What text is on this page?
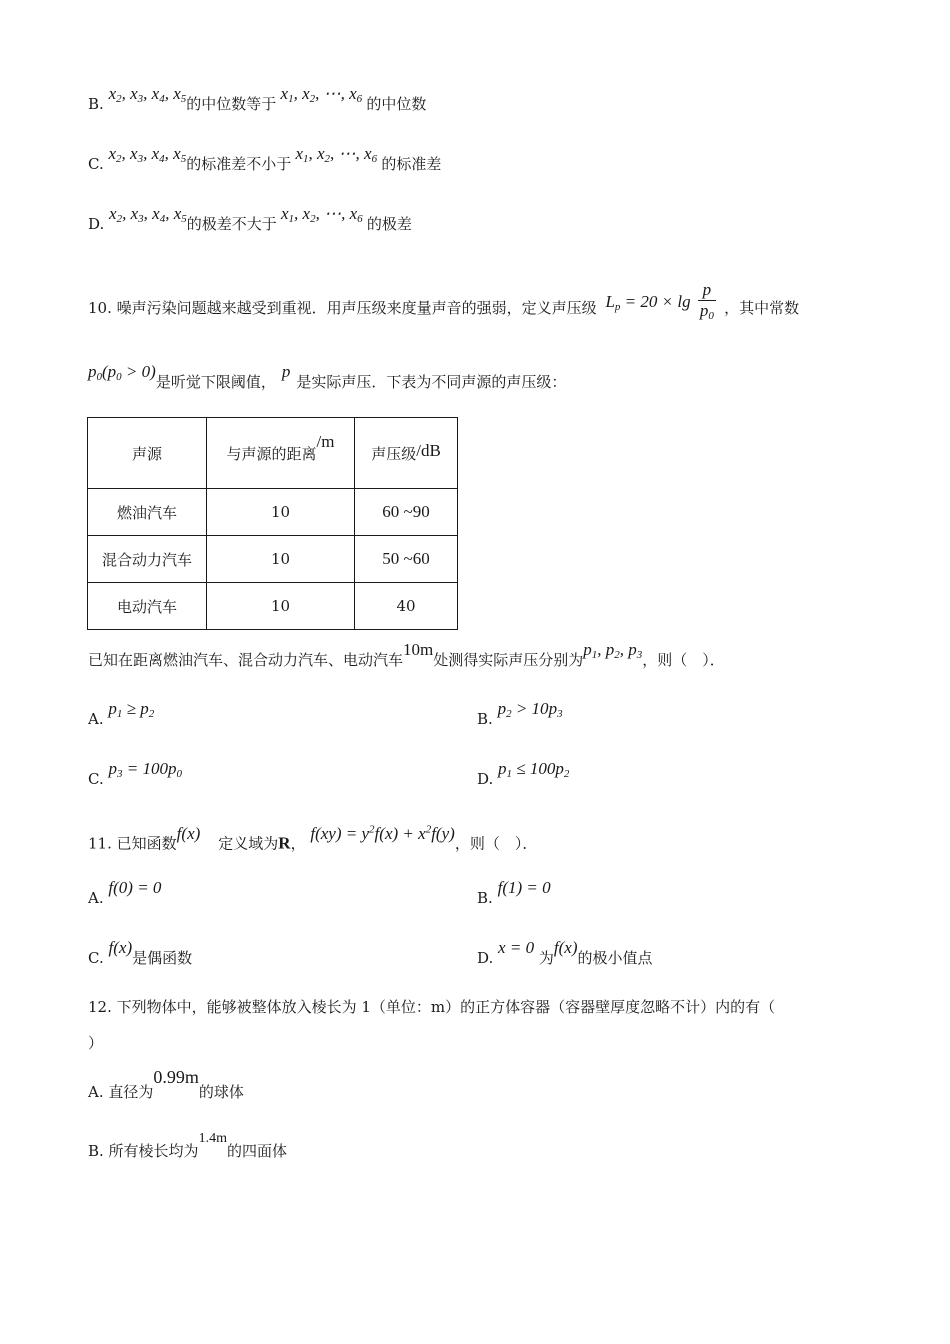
B. $x_2$, $x_3$, $x_4$, $x_5$的中位数等于 $x_1$, $x_2$, ⋯, $x_6$ 的中位数
C. $x_2$, $x_3$, $x_4$, $x_5$的标准差不小于 $x_1$, $x_2$, ⋯, $x_6$ 的标准差
D. $x_2$, $x_3$, $x_4$, $x_5$的极差不大于 $x_1$, $x_2$, ⋯, $x_6$ 的极差
10. 噪声污染问题越来越受到重视．用声压级来度量声音的强弱，定义声压级 $L_p = 20 \times \lg \frac{p}{p_0}$ ，其中常数
$p_0(p_0 > 0)$是听觉下限阈值，p是实际声压．下表为不同声源的声压级：
声源	与声源的距离/m	声压级/dB
燃油汽车	10	60 ~90
混合动力汽车	10	50 ~60
电动汽车	10	40
已知在距离燃油汽车、混合动力汽车、电动汽车10m处测得实际声压分别为$p_1$, $p_2$, $p_3$，则（　）．
A. $p_1 \ge p_2$	B. $p_2 > 10p_3$
C. $p_3 = 100p_0$	D. $p_1 \le 100p_2$
11. 已知函数f(x)定义域为R， $f(xy) = y^2f(x) + x^2f(y)$，则（　）．
A. f(0) = 0
B. f(1) = 0
C. f(x)是偶函数	D. x = 0 为f(x)的极小值点
12. 下列物体中，能够被整体放入棱长为 1（单位：m）的正方体容器（容器壁厚度忽略不计）内的有（
）
A. 直径为0.99m的球体
B. 所有棱长均为1.4m的四面体
